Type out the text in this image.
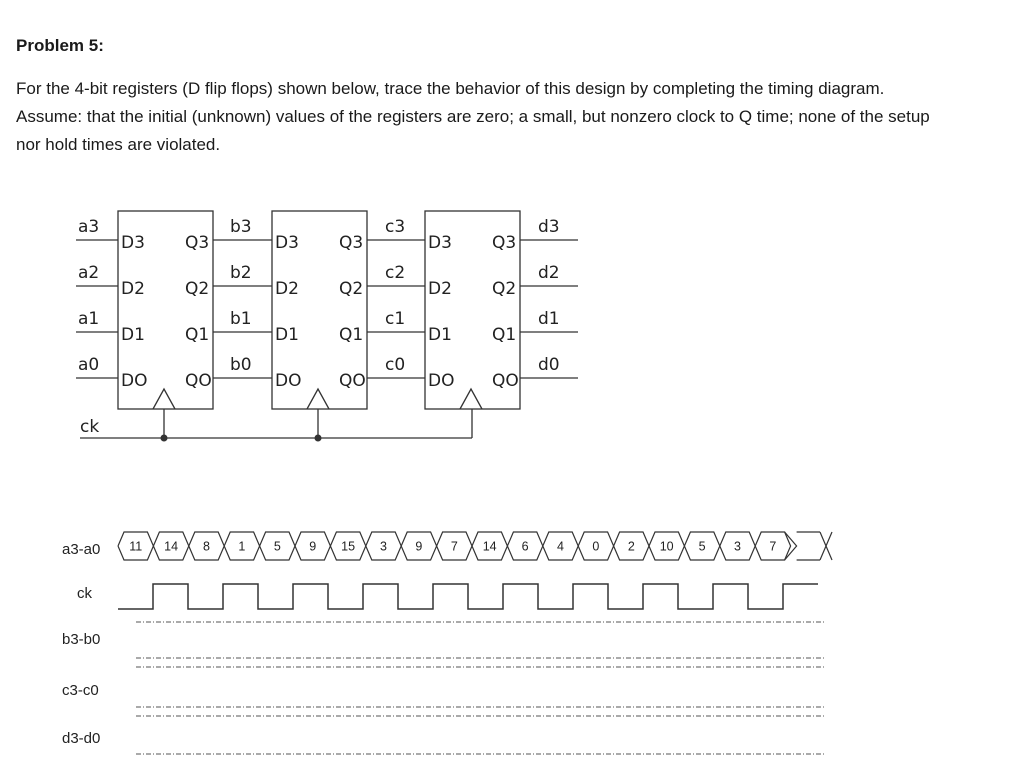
Problem 5:
For the 4-bit registers (D flip flops) shown below, trace the behavior of this design by completing the timing diagram.
Assume: that the initial (unknown) values of the registers are zero; a small, but nonzero clock to Q time; none of the setup
nor hold times are violated.
a3
a2
a1
a0
ck
D3
D2
D1
DO
Q3
Q2
Q1
QO
D3
D2
D1
DO
Q3
Q2
Q1
QO
D3
D2
D1
DO
Q3
Q2
Q1
QO
b3
b2
b1
b0
c3
c2
c1
c0
d3
d2
d1
d0
a3-a0
ck
b3-b0
c3-c0
d3-d0
11 14 8 1 5 9 15 3 9 7 14 6 4 0 2 10 5 3 7
